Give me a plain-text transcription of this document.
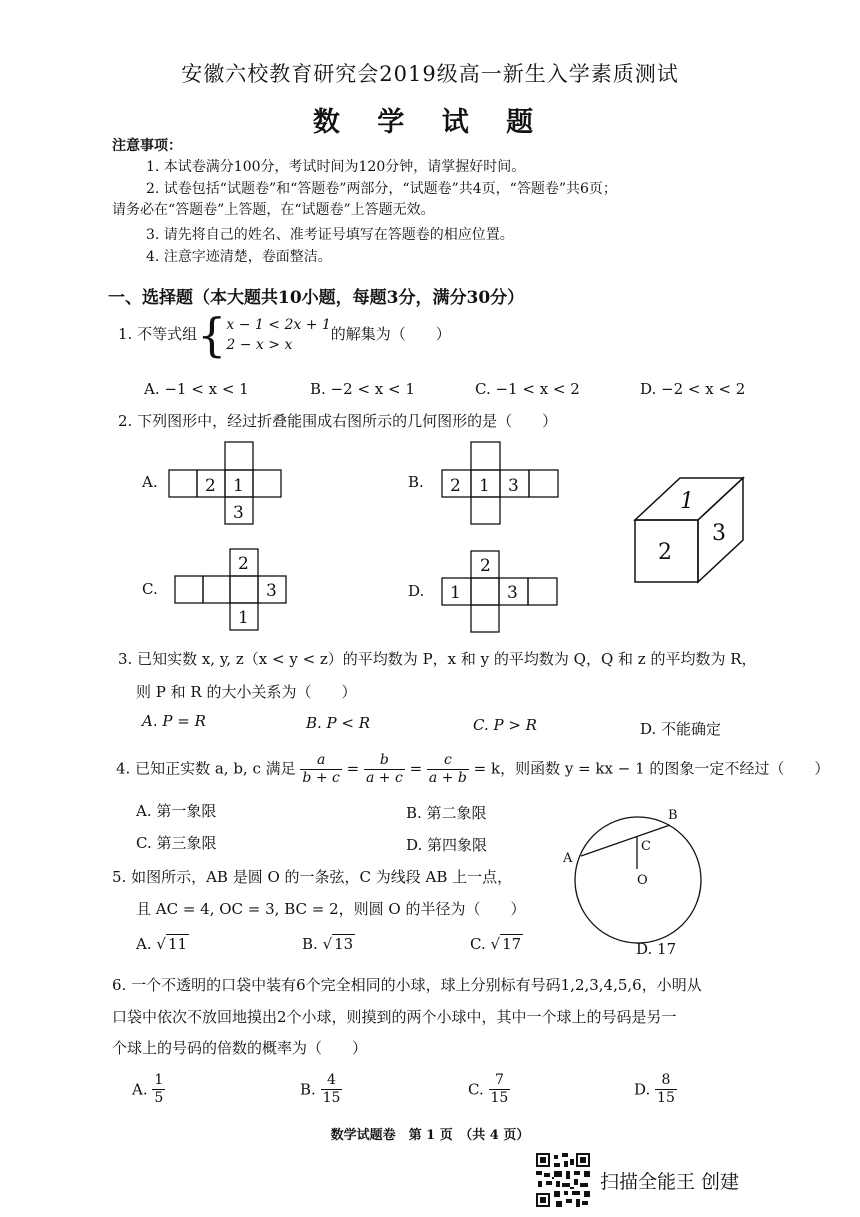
安徽六校教育研究会2019级高一新生入学素质测试
数 学 试 题
注意事项：
1. 本试卷满分100分，考试时间为120分钟，请掌握好时间。
2. 试卷包括“试题卷”和“答题卷”两部分，“试题卷”共4页，“答题卷”共6页；
请务必在“答题卷”上答题，在“试题卷”上答题无效。
3. 请先将自己的姓名、准考证号填写在答题卷的相应位置。
4. 注意字迹清楚，卷面整洁。
一、选择题（本大题共10小题，每题3分，满分30分）
1. 不等式组{ x − 1 < 2x + 1
2 − x > x
的解集为（　　）
A. −1 < x < 1	B. −2 < x < 1	C. −1 < x < 2	D. −2 < x < 2
2. 下列图形中，经过折叠能围成右图所示的几何图形的是（　　）
A.	B.
C.	D.
2 1
3
2 1 3
2
3
1
2
1	3
1
2
3
B
A
C
O
3. 已知实数 x, y, z（x < y < z）的平均数为 P，x 和 y 的平均数为 Q，Q 和 z 的平均数为 R，
则 P 和 R 的大小关系为（　　）
A. P = R	B. P < R	C. P > R	D. 不能确定
4. 已知正实数 a, b, c 满足 $\frac{a}{b + c} = \frac{b}{a + c} = \frac{c}{a + b} = k$，则函数 y = kx − 1 的图象一定不经过（　　）
A. 第一象限	B. 第二象限
C. 第三象限	D. 第四象限
5. 如图所示，AB 是圆 O 的一条弦，C 为线段 AB 上一点，
且 AC = 4, OC = 3, BC = 2，则圆 O 的半径为（　　）
A. √ 11	B. √ 13	C. √ 17	D. 17
6. 一个不透明的口袋中装有6个完全相同的小球，球上分别标有号码1,2,3,4,5,6，小明从
口袋中依次不放回地摸出2个小球，则摸到的两个小球中，其中一个球上的号码是另一
个球上的号码的倍数的概率为（　　）
A. $\frac{1}{5}$	B. $\frac{4}{15}$	C. $\frac{7}{15}$	D. $\frac{8}{15}$
数学试题卷　第 1 页　（共 4 页）
扫描全能王 创建
